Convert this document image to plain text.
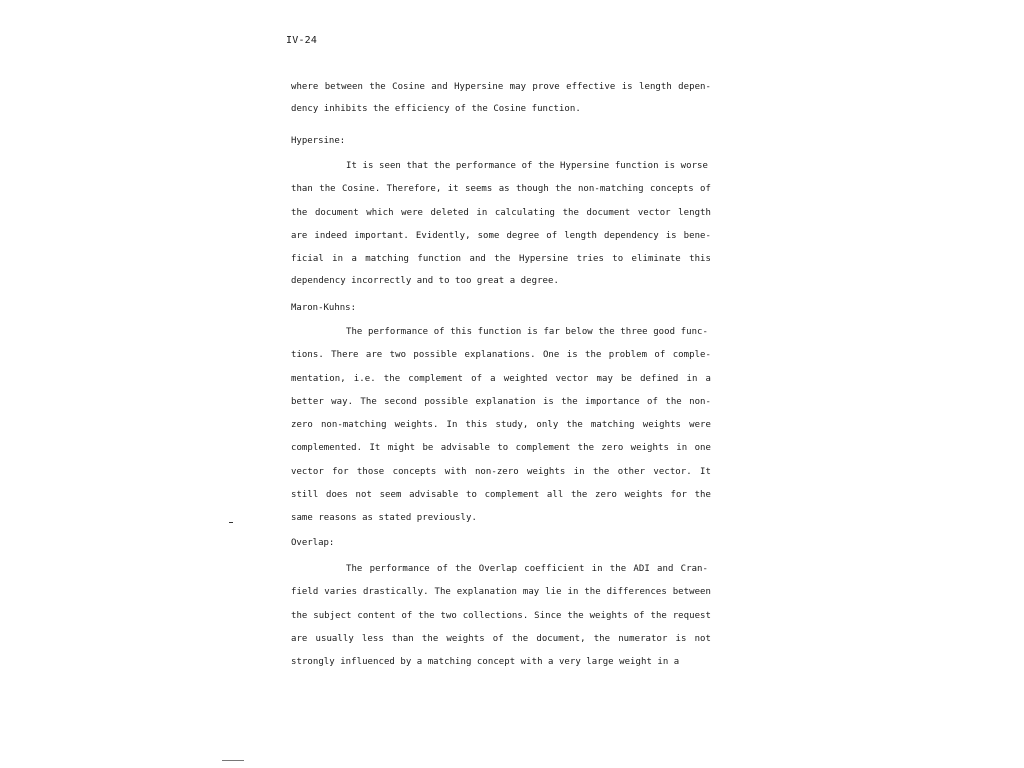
IV-24
where between the Cosine and Hypersine may prove effective is length depen-
dency inhibits the efficiency of the Cosine function.
Hypersine:
It is seen that the performance of the Hypersine function is worse
than the Cosine. Therefore, it seems as though the non-matching concepts of
the document which were deleted in calculating the document vector length
are indeed important. Evidently, some degree of length dependency is bene-
ficial in a matching function and the Hypersine tries to eliminate this
dependency incorrectly and to too great a degree.
Maron-Kuhns:
The performance of this function is far below the three good func-
tions. There are two possible explanations. One is the problem of comple-
mentation, i.e. the complement of a weighted vector may be defined in a
better way. The second possible explanation is the importance of the non-
zero non-matching weights. In this study, only the matching weights were
complemented. It might be advisable to complement the zero weights in one
vector for those concepts with non-zero weights in the other vector. It
still does not seem advisable to complement all the zero weights for the
same reasons as stated previously.
Overlap:
The performance of the Overlap coefficient in the ADI and Cran-
field varies drastically. The explanation may lie in the differences between
the subject content of the two collections. Since the weights of the request
are usually less than the weights of the document, the numerator is not
strongly influenced by a matching concept with a very large weight in a
